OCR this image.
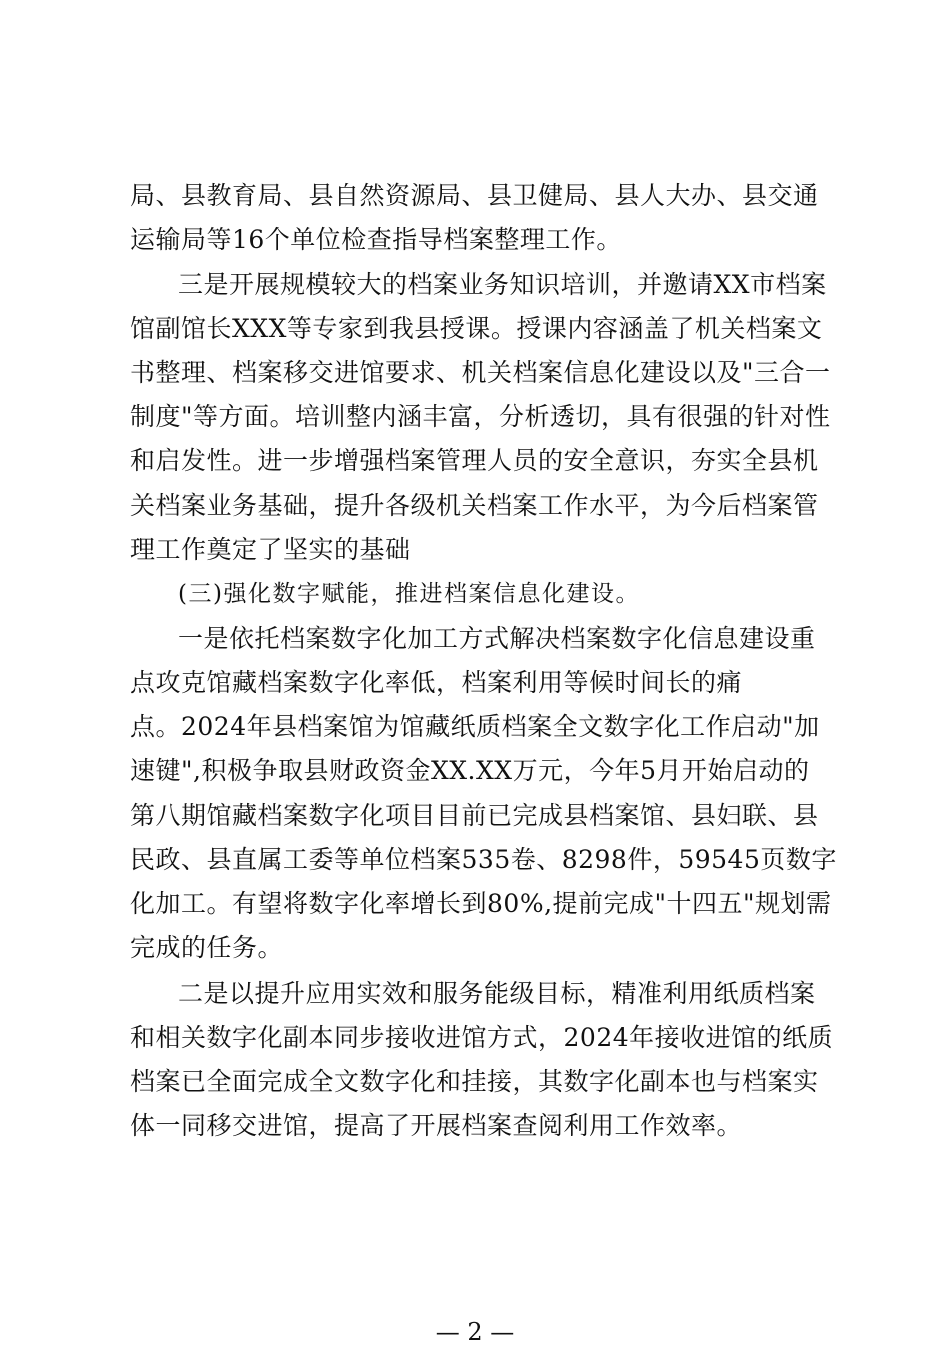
局、县教育局、县自然资源局、县卫健局、县人大办、县交通
运输局等16个单位检查指导档案整理工作。
三是开展规模较大的档案业务知识培训，并邀请XX市档案
馆副馆长XXX等专家到我县授课。授课内容涵盖了机关档案文
书整理、档案移交进馆要求、机关档案信息化建设以及"三合一
制度"等方面。培训整内涵丰富，分析透切，具有很强的针对性
和启发性。进一步增强档案管理人员的安全意识，夯实全县机
关档案业务基础，提升各级机关档案工作水平，为今后档案管
理工作奠定了坚实的基础
(三)强化数字赋能，推进档案信息化建设。
一是依托档案数字化加工方式解决档案数字化信息建设重
点攻克馆藏档案数字化率低，档案利用等候时间长的痛
点。2024年县档案馆为馆藏纸质档案全文数字化工作启动"加
速键",积极争取县财政资金XX.XX万元，今年5月开始启动的
第八期馆藏档案数字化项目目前已完成县档案馆、县妇联、县
民政、县直属工委等单位档案535卷、8298件，59545页数字
化加工。有望将数字化率增长到80%,提前完成"十四五"规划需
完成的任务。
二是以提升应用实效和服务能级目标，精准利用纸质档案
和相关数字化副本同步接收进馆方式，2024年接收进馆的纸质
档案已全面完成全文数字化和挂接，其数字化副本也与档案实
体一同移交进馆，提高了开展档案查阅利用工作效率。
— 2 —
